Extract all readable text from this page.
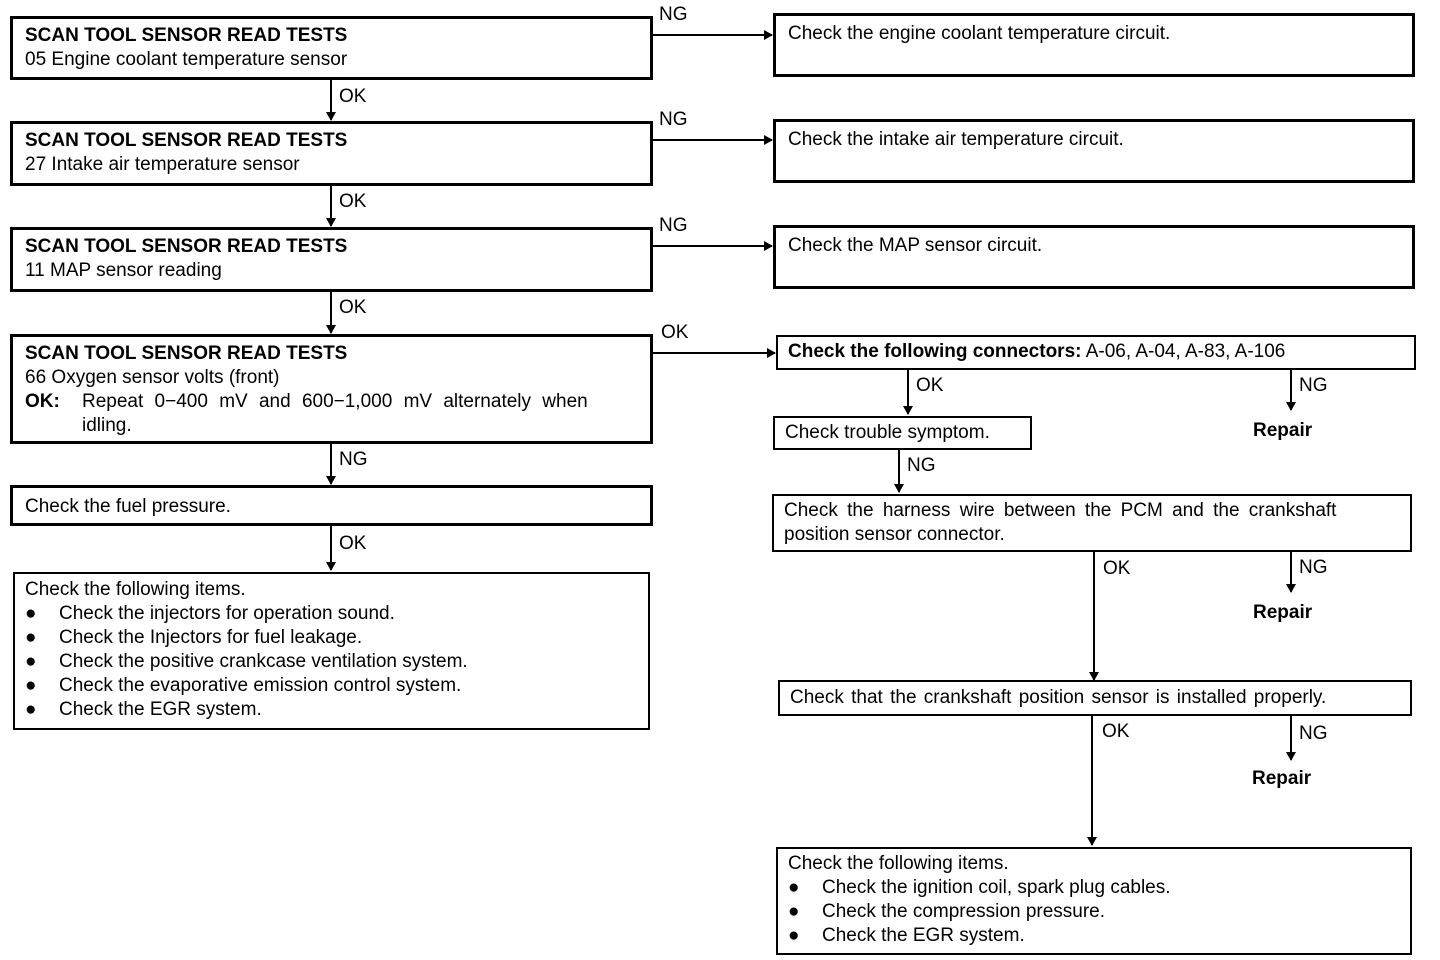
SCAN TOOL SENSOR READ TESTS
05 Engine coolant temperature sensor
SCAN TOOL SENSOR READ TESTS
27 Intake air temperature sensor
SCAN TOOL SENSOR READ TESTS
11 MAP sensor reading
SCAN TOOL SENSOR READ TESTS
66 Oxygen sensor volts (front)
OK:	Repeat 0−400 mV and 600−1,000 mV alternately when
idling.
Check the fuel pressure.
Check the following items.
● Check the injectors for operation sound.
● Check the Injectors for fuel leakage.
● Check the positive crankcase ventilation system.
● Check the evaporative emission control system.
● Check the EGR system.
OK
OK
OK
NG
OK
NG
NG
NG
OK
Check the engine coolant temperature circuit.
Check the intake air temperature circuit.
Check the MAP sensor circuit.
Check the following connectors: A-06, A-04, A-83, A-106
Check trouble symptom.
Check the harness wire between the PCM and the crankshaft
position sensor connector.
Check that the crankshaft position sensor is installed properly.
Check the following items.
● Check the ignition coil, spark plug cables.
● Check the compression pressure.
● Check the EGR system.
OK	NG
Repair
NG
OK	NG
Repair
OK	NG
Repair
